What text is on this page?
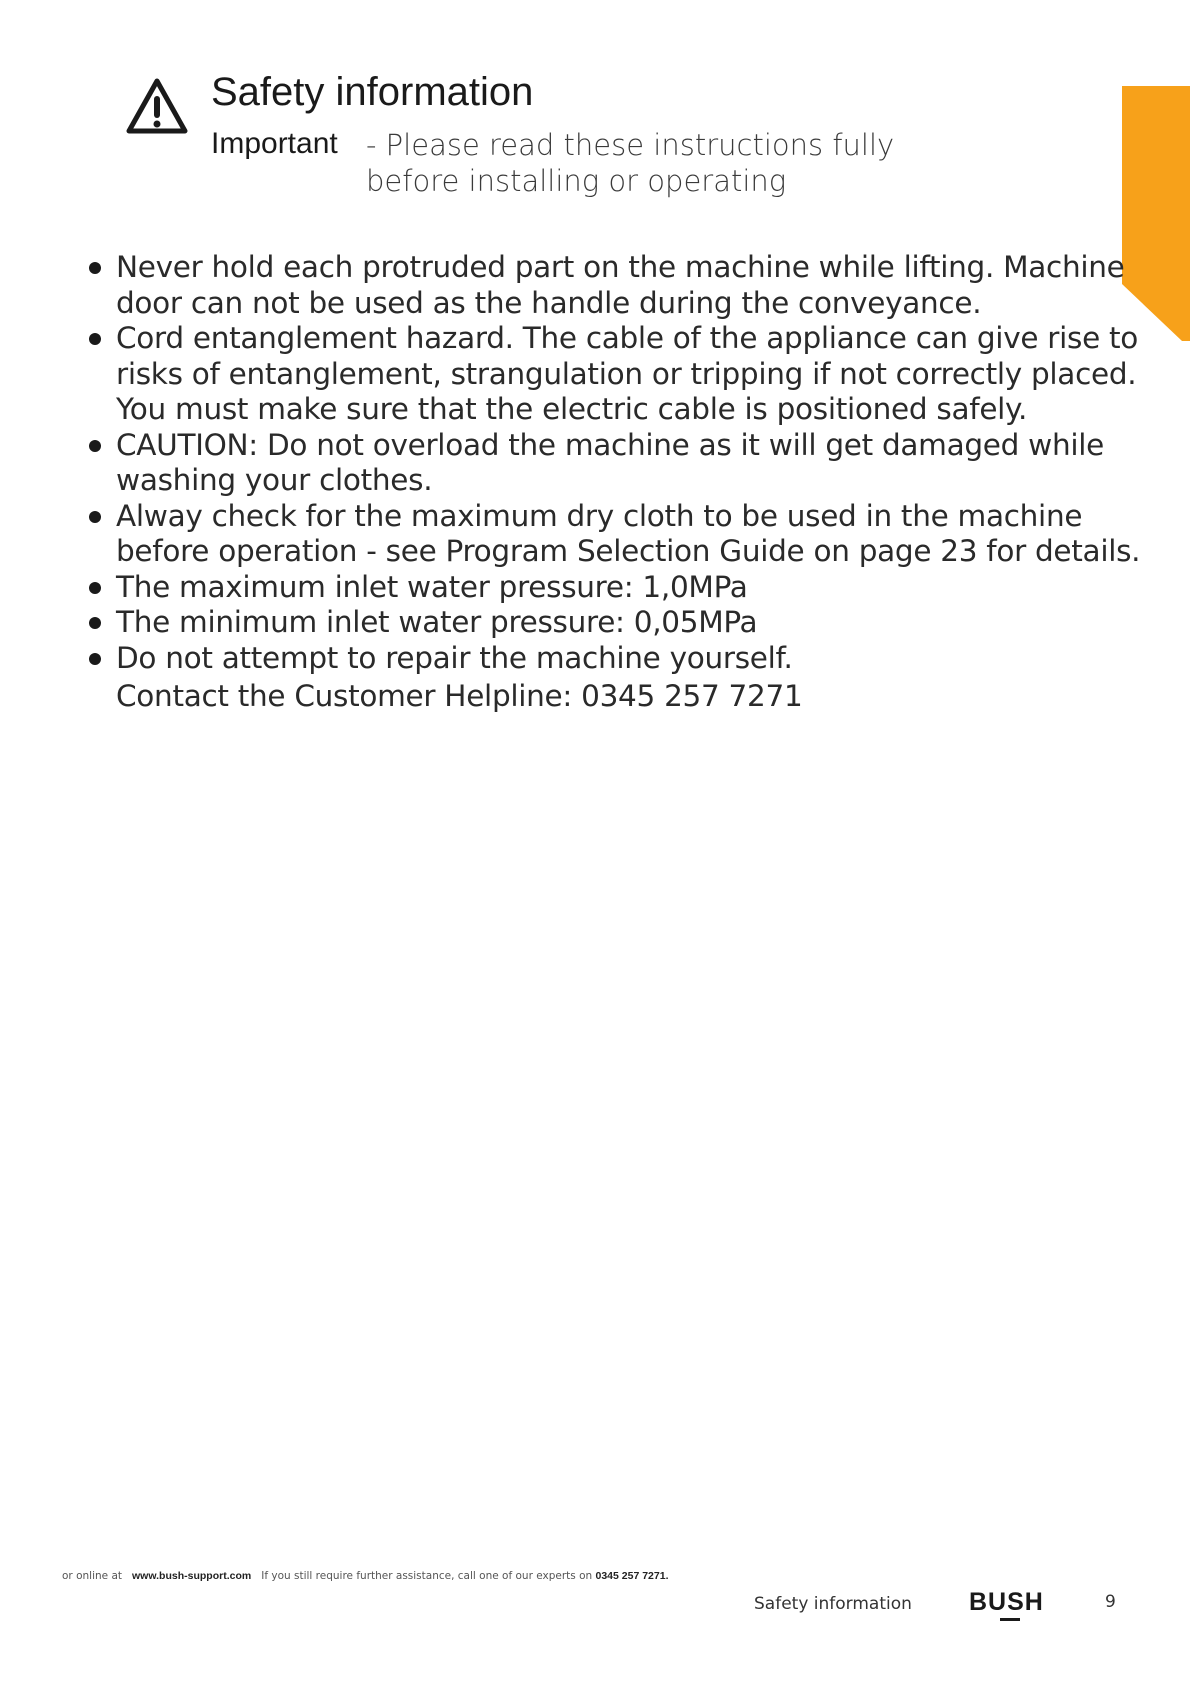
Safety information
Important - Please read these instructions fully before installing or operating
Never hold each protruded part on the machine while lifting. Machine door can not be used as the handle during the conveyance.
Cord entanglement hazard. The cable of the appliance can give rise to risks of entanglement, strangulation or tripping if not correctly placed. You must make sure that the electric cable is positioned safely.
CAUTION: Do not overload the machine as it will get damaged while washing your clothes.
Alway check for the maximum dry cloth to be used in the machine before operation - see Program Selection Guide on page 23 for details.
The maximum inlet water pressure: 1,0MPa
The minimum inlet water pressure: 0,05MPa
Do not attempt to repair the machine yourself.
Contact the Customer Helpline: 0345 257 7271
or online at www.bush-support.com If you still require further assistance, call one of our experts on 0345 257 7271.
Safety information BUSH	9
